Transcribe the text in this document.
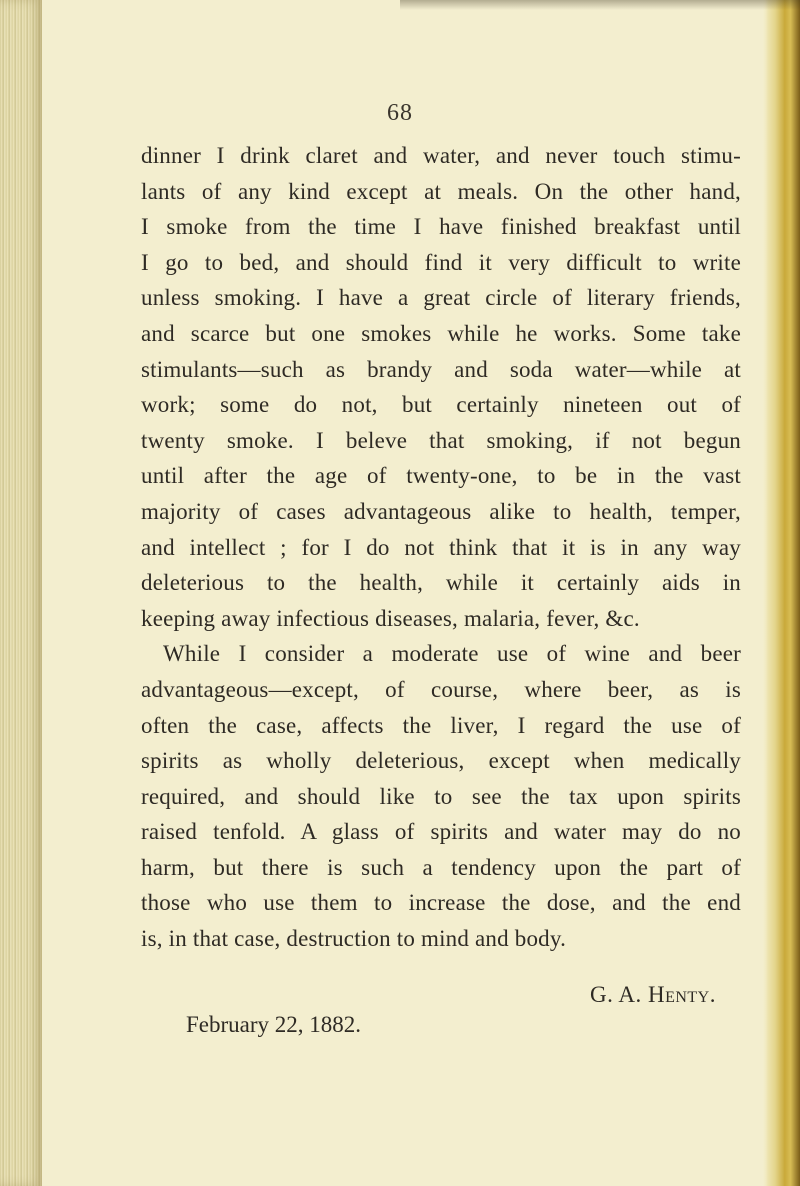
68
dinner I drink claret and water, and never touch stimu-
lants of any kind except at meals. On the other hand,
I smoke from the time I have finished breakfast until
I go to bed, and should find it very difficult to write
unless smoking. I have a great circle of literary friends,
and scarce but one smokes while he works. Some take
stimulants—such as brandy and soda water—while at
work; some do not, but certainly nineteen out of
twenty smoke. I beleve that smoking, if not begun
until after the age of twenty-one, to be in the vast
majority of cases advantageous alike to health, temper,
and intellect ; for I do not think that it is in any way
deleterious to the health, while it certainly aids in
keeping away infectious diseases, malaria, fever, &c.
While I consider a moderate use of wine and beer
advantageous—except, of course, where beer, as is
often the case, affects the liver, I regard the use of
spirits as wholly deleterious, except when medically
required, and should like to see the tax upon spirits
raised tenfold. A glass of spirits and water may do no
harm, but there is such a tendency upon the part of
those who use them to increase the dose, and the end
is, in that case, destruction to mind and body.
G. A. Henty.
February 22, 1882.
